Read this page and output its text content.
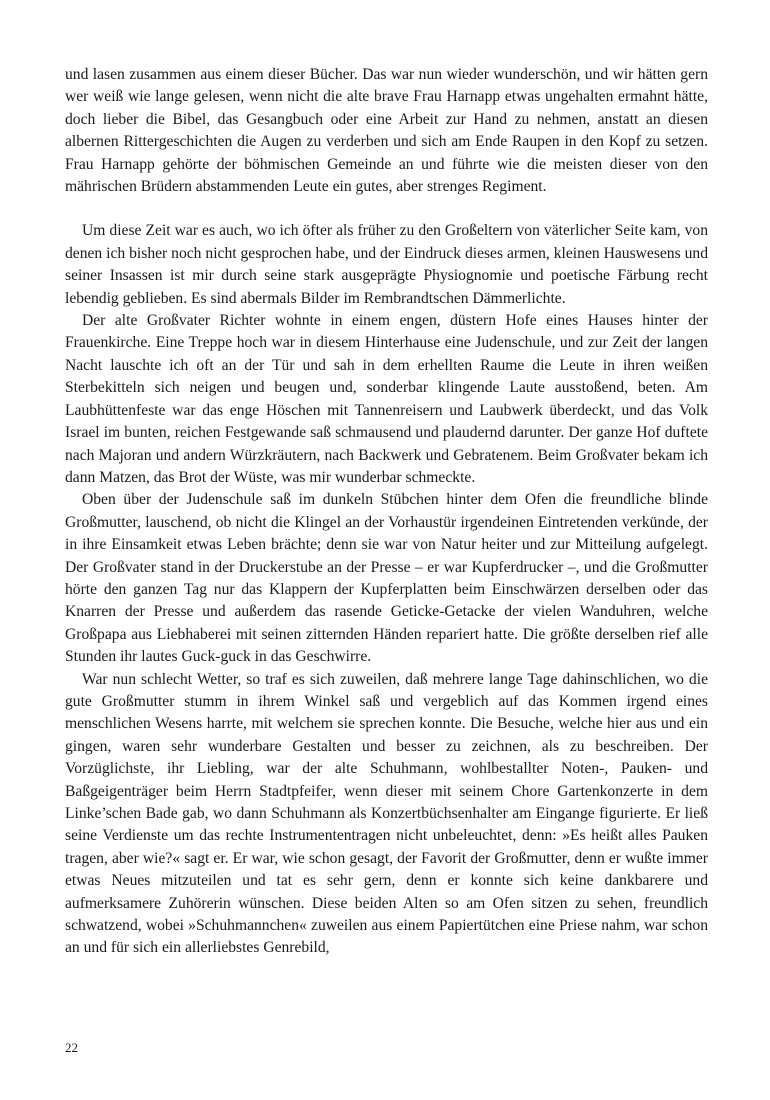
und lasen zusammen aus einem dieser Bücher. Das war nun wieder wunderschön, und wir hätten gern wer weiß wie lange gelesen, wenn nicht die alte brave Frau Harnapp etwas ungehalten ermahnt hätte, doch lieber die Bibel, das Gesangbuch oder eine Arbeit zur Hand zu nehmen, anstatt an diesen albernen Rittergeschichten die Augen zu verderben und sich am Ende Raupen in den Kopf zu setzen. Frau Harnapp gehörte der böhmischen Gemeinde an und führte wie die meisten dieser von den mährischen Brüdern abstammenden Leute ein gutes, aber strenges Regiment.

Um diese Zeit war es auch, wo ich öfter als früher zu den Großeltern von väterlicher Seite kam, von denen ich bisher noch nicht gesprochen habe, und der Eindruck dieses armen, kleinen Hauswesens und seiner Insassen ist mir durch seine stark ausgeprägte Physiognomie und poetische Färbung recht lebendig geblieben. Es sind abermals Bilder im Rembrandtschen Dämmerlichte.

Der alte Großvater Richter wohnte in einem engen, düstern Hofe eines Hauses hinter der Frauenkirche. Eine Treppe hoch war in diesem Hinterhause eine Judenschule, und zur Zeit der langen Nacht lauschte ich oft an der Tür und sah in dem erhellten Raume die Leute in ihren weißen Sterbekitteln sich neigen und beugen und, sonderbar klingende Laute ausstoßend, beten. Am Laubhüttenfeste war das enge Höschen mit Tannenreisern und Laubwerk überdeckt, und das Volk Israel im bunten, reichen Festgewande saß schmausend und plaudernd darunter. Der ganze Hof duftete nach Majoran und andern Würzkräutern, nach Backwerk und Gebratenem. Beim Großvater bekam ich dann Matzen, das Brot der Wüste, was mir wunderbar schmeckte.

Oben über der Judenschule saß im dunkeln Stübchen hinter dem Ofen die freundliche blinde Großmutter, lauschend, ob nicht die Klingel an der Vorhaustür irgendeinen Eintretenden verkünde, der in ihre Einsamkeit etwas Leben brächte; denn sie war von Natur heiter und zur Mitteilung aufgelegt. Der Großvater stand in der Druckerstube an der Presse – er war Kupferdrucker –, und die Großmutter hörte den ganzen Tag nur das Klappern der Kupferplatten beim Einschwärzen derselben oder das Knarren der Presse und außerdem das rasende Geticke-Getacke der vielen Wanduhren, welche Großpapa aus Liebhaberei mit seinen zitternden Händen repariert hatte. Die größte derselben rief alle Stunden ihr lautes Guck-guck in das Geschwirre.

War nun schlecht Wetter, so traf es sich zuweilen, daß mehrere lange Tage dahinschlichen, wo die gute Großmutter stumm in ihrem Winkel saß und vergeblich auf das Kommen irgend eines menschlichen Wesens harrte, mit welchem sie sprechen konnte. Die Besuche, welche hier aus und ein gingen, waren sehr wunderbare Gestalten und besser zu zeichnen, als zu beschreiben. Der Vorzüglichste, ihr Liebling, war der alte Schuhmann, wohlbestallter Noten-, Pauken- und Baßgeigenträger beim Herrn Stadtpfeifer, wenn dieser mit seinem Chore Gartenkonzerte in dem Linke’schen Bade gab, wo dann Schuhmann als Konzertbüchsenhalter am Eingange figurierte. Er ließ seine Verdienste um das rechte Instrumententragen nicht unbeleuchtet, denn: »Es heißt alles Pauken tragen, aber wie?« sagt er. Er war, wie schon gesagt, der Favorit der Großmutter, denn er wußte immer etwas Neues mitzuteilen und tat es sehr gern, denn er konnte sich keine dankbarere und aufmerksamere Zuhörerin wünschen. Diese beiden Alten so am Ofen sitzen zu sehen, freundlich schwatzend, wobei »Schuhmannchen« zuweilen aus einem Papiertütchen eine Priese nahm, war schon an und für sich ein allerliebstes Genrebild,

22
